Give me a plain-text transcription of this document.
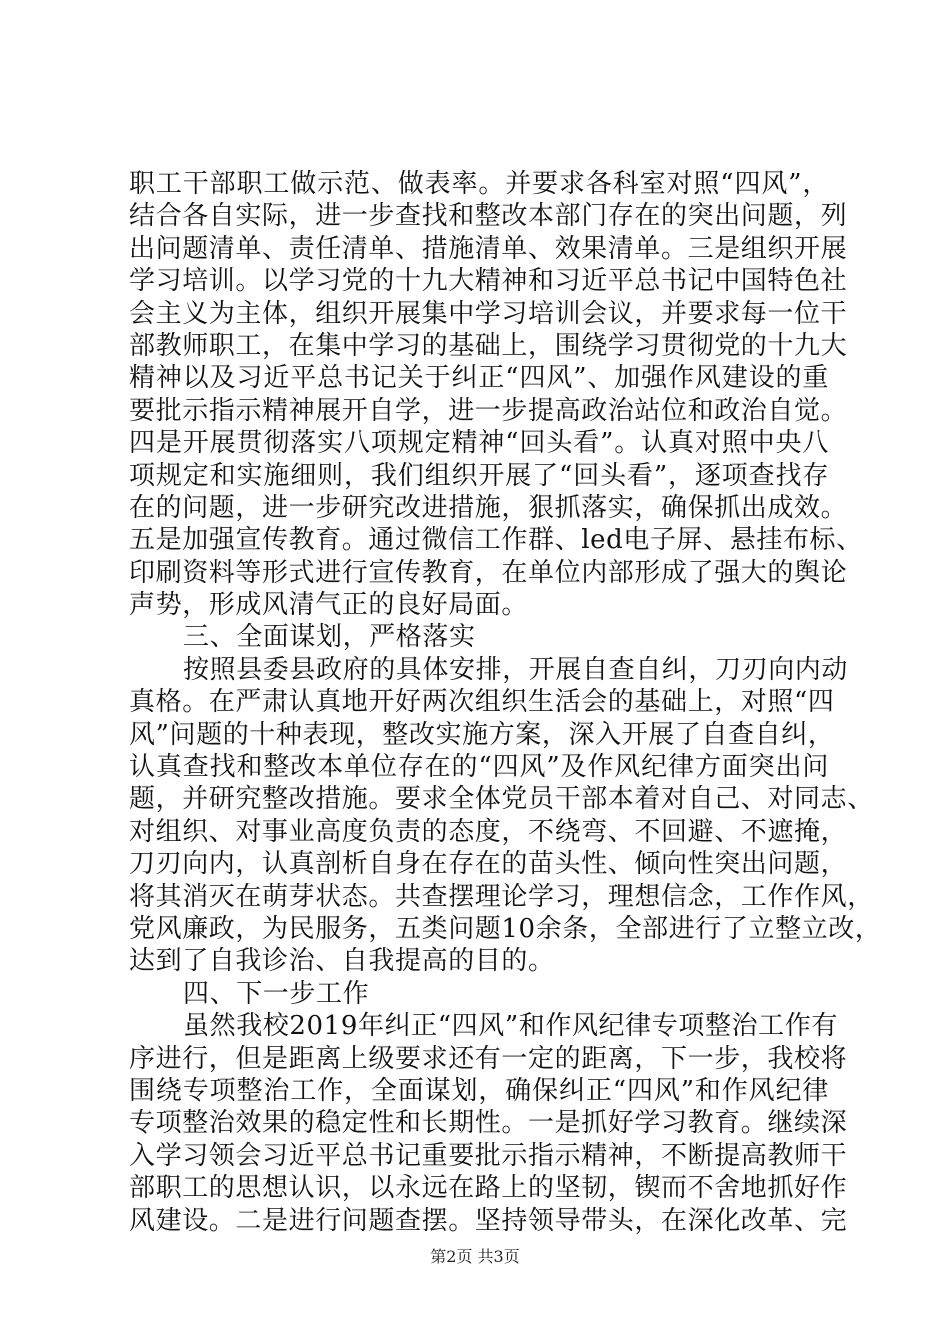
职工干部职工做示范、做表率。并要求各科室对照“四风”，
结合各自实际，进一步查找和整改本部门存在的突出问题，列
出问题清单、责任清单、措施清单、效果清单。三是组织开展
学习培训。以学习党的十九大精神和习近平总书记中国特色社
会主义为主体，组织开展集中学习培训会议，并要求每一位干
部教师职工，在集中学习的基础上，围绕学习贯彻党的十九大
精神以及习近平总书记关于纠正“四风”、加强作风建设的重
要批示指示精神展开自学，进一步提高政治站位和政治自觉。
四是开展贯彻落实八项规定精神“回头看”。认真对照中央八
项规定和实施细则，我们组织开展了“回头看”，逐项查找存
在的问题，进一步研究改进措施，狠抓落实，确保抓出成效。
五是加强宣传教育。通过微信工作群、led电子屏、悬挂布标、
印刷资料等形式进行宣传教育，在单位内部形成了强大的舆论
声势，形成风清气正的良好局面。
三、全面谋划，严格落实
按照县委县政府的具体安排，开展自查自纠，刀刃向内动
真格。在严肃认真地开好两次组织生活会的基础上，对照“四
风”问题的十种表现，整改实施方案，深入开展了自查自纠，
认真查找和整改本单位存在的“四风”及作风纪律方面突出问
题，并研究整改措施。要求全体党员干部本着对自己、对同志、
对组织、对事业高度负责的态度，不绕弯、不回避、不遮掩，
刀刃向内，认真剖析自身在存在的苗头性、倾向性突出问题，
将其消灭在萌芽状态。共查摆理论学习，理想信念，工作作风，
党风廉政，为民服务，五类问题10余条，全部进行了立整立改，
达到了自我诊治、自我提高的目的。
四、下一步工作
虽然我校2019年纠正“四风”和作风纪律专项整治工作有
序进行，但是距离上级要求还有一定的距离，下一步，我校将
围绕专项整治工作，全面谋划，确保纠正“四风”和作风纪律
专项整治效果的稳定性和长期性。一是抓好学习教育。继续深
入学习领会习近平总书记重要批示指示精神，不断提高教师干
部职工的思想认识，以永远在路上的坚韧，锲而不舍地抓好作
风建设。二是进行问题查摆。坚持领导带头，在深化改革、完
第2页 共3页
